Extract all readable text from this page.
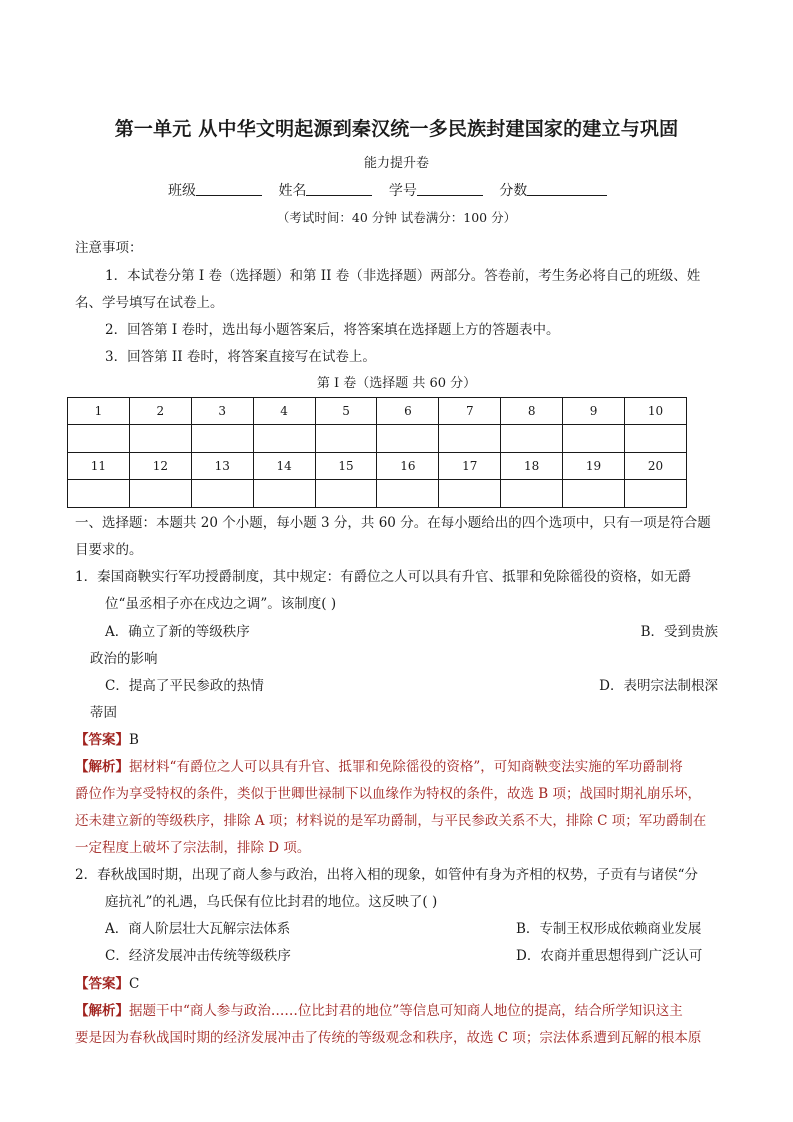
第一单元 从中华文明起源到秦汉统一多民族封建国家的建立与巩固
能力提升卷
班级	姓名	学号	分数
（考试时间：40 分钟 试卷满分：100 分）
注意事项：
1．本试卷分第 I 卷（选择题）和第 II 卷（非选择题）两部分。答卷前，考生务必将自己的班级、姓
名、学号填写在试卷上。
2．回答第 I 卷时，选出每小题答案后，将答案填在选择题上方的答题表中。
3．回答第 II 卷时，将答案直接写在试卷上。
第 I 卷（选择题 共 60 分）
1	2	3	4	5	6	7	8	9	10

11	12	13	14	15	16	17	18	19	20

一、选择题：本题共 20 个小题，每小题 3 分，共 60 分。在每小题给出的四个选项中，只有一项是符合题
目要求的。
1．秦国商鞅实行军功授爵制度，其中规定：有爵位之人可以具有升官、抵罪和免除徭役的资格，如无爵
位“虽丞相子亦在戍边之调”。该制度( )
A．确立了新的等级秩序	B．受到贵族
政治的影响
C．提高了平民参政的热情	D．表明宗法制根深
蒂固
【答案】B
【解析】据材料“有爵位之人可以具有升官、抵罪和免除徭役的资格”，可知商鞅变法实施的军功爵制将
爵位作为享受特权的条件，类似于世卿世禄制下以血缘作为特权的条件，故选 B 项；战国时期礼崩乐坏，
还未建立新的等级秩序，排除 A 项；材料说的是军功爵制，与平民参政关系不大，排除 C 项；军功爵制在
一定程度上破坏了宗法制，排除 D 项。
2．春秋战国时期，出现了商人参与政治，出将入相的现象，如管仲有身为齐相的权势，子贡有与诸侯“分
庭抗礼”的礼遇，乌氏保有位比封君的地位。这反映了( )
A．商人阶层壮大瓦解宗法体系	B．专制王权形成依赖商业发展
C．经济发展冲击传统等级秩序	D．农商并重思想得到广泛认可
【答案】C
【解析】据题干中“商人参与政治……位比封君的地位”等信息可知商人地位的提高，结合所学知识这主
要是因为春秋战国时期的经济发展冲击了传统的等级观念和秩序，故选 C 项；宗法体系遭到瓦解的根本原
